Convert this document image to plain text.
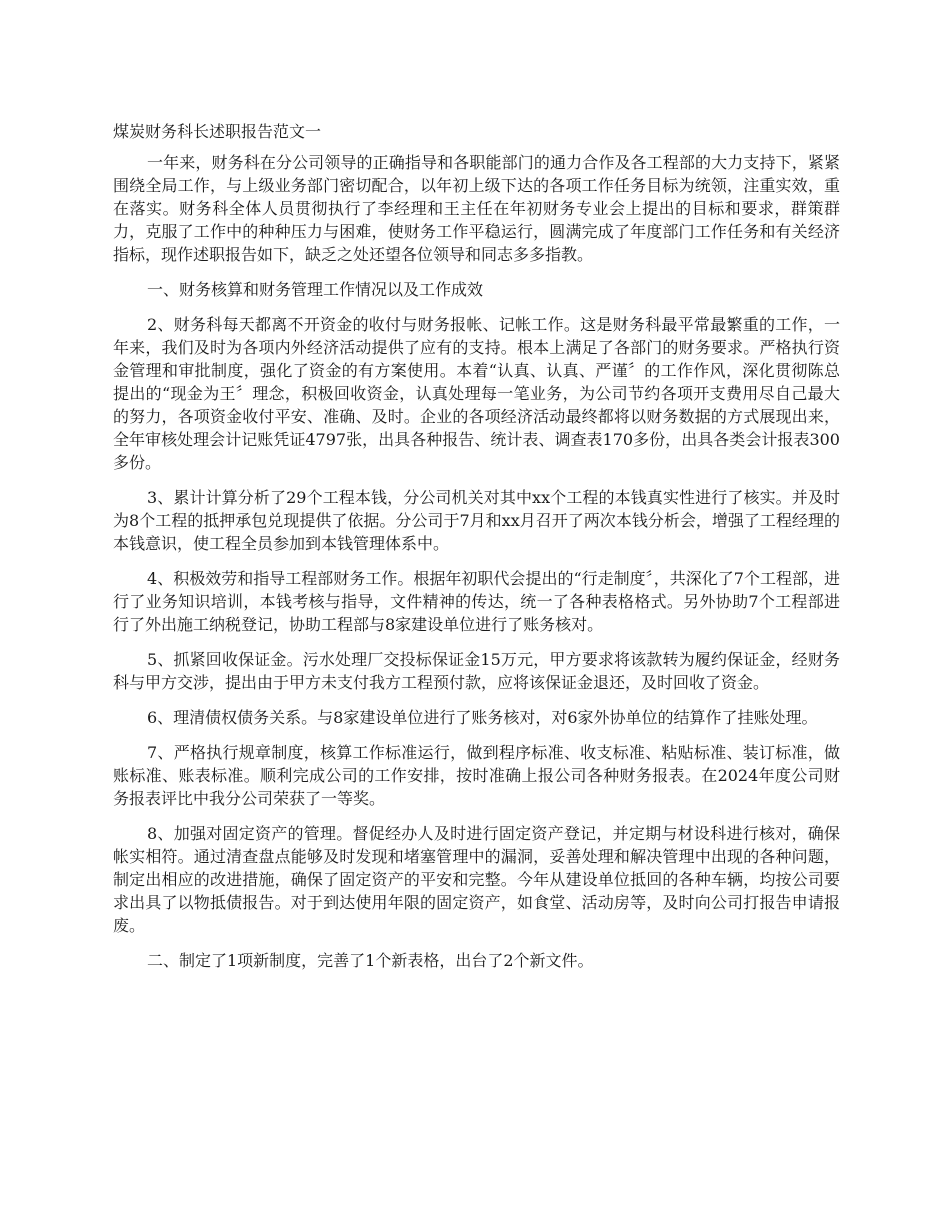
煤炭财务科长述职报告范文一

一年来，财务科在分公司领导的正确指导和各职能部门的通力合作及各工程部的大力支持下，紧紧围绕全局工作，与上级业务部门密切配合，以年初上级下达的各项工作任务目标为统领，注重实效，重在落实。财务科全体人员贯彻执行了李经理和王主任在年初财务专业会上提出的目标和要求，群策群力，克服了工作中的种种压力与困难，使财务工作平稳运行，圆满完成了年度部门工作任务和有关经济指标，现作述职报告如下，缺乏之处还望各位领导和同志多多指教。

一、财务核算和财务管理工作情况以及工作成效

2、财务科每天都离不开资金的收付与财务报帐、记帐工作。这是财务科最平常最繁重的工作，一年来，我们及时为各项内外经济活动提供了应有的支持。根本上满足了各部门的财务要求。严格执行资金管理和审批制度，强化了资金的有方案使用。本着“认真、认真、严谨〞的工作作风，深化贯彻陈总提出的“现金为王〞理念，积极回收资金，认真处理每一笔业务，为公司节约各项开支费用尽自己最大的努力，各项资金收付平安、准确、及时。企业的各项经济活动最终都将以财务数据的方式展现出来，全年审核处理会计记账凭证4797张，出具各种报告、统计表、调查表170多份，出具各类会计报表300多份。

3、累计计算分析了29个工程本钱，分公司机关对其中xx个工程的本钱真实性进行了核实。并及时为8个工程的抵押承包兑现提供了依据。分公司于7月和xx月召开了两次本钱分析会，增强了工程经理的本钱意识，使工程全员参加到本钱管理体系中。

4、积极效劳和指导工程部财务工作。根据年初职代会提出的“行走制度〞，共深化了7个工程部，进行了业务知识培训，本钱考核与指导，文件精神的传达，统一了各种表格格式。另外协助7个工程部进行了外出施工纳税登记，协助工程部与8家建设单位进行了账务核对。

5、抓紧回收保证金。污水处理厂交投标保证金15万元，甲方要求将该款转为履约保证金，经财务科与甲方交涉，提出由于甲方未支付我方工程预付款，应将该保证金退还，及时回收了资金。

6、理清债权债务关系。与8家建设单位进行了账务核对，对6家外协单位的结算作了挂账处理。

7、严格执行规章制度，核算工作标准运行，做到程序标准、收支标准、粘贴标准、装订标准，做账标准、账表标准。顺利完成公司的工作安排，按时准确上报公司各种财务报表。在2024年度公司财务报表评比中我分公司荣获了一等奖。

8、加强对固定资产的管理。督促经办人及时进行固定资产登记，并定期与材设科进行核对，确保帐实相符。通过清查盘点能够及时发现和堵塞管理中的漏洞，妥善处理和解决管理中出现的各种问题，制定出相应的改进措施，确保了固定资产的平安和完整。今年从建设单位抵回的各种车辆，均按公司要求出具了以物抵债报告。对于到达使用年限的固定资产，如食堂、活动房等，及时向公司打报告申请报废。

二、制定了1项新制度，完善了1个新表格，出台了2个新文件。
